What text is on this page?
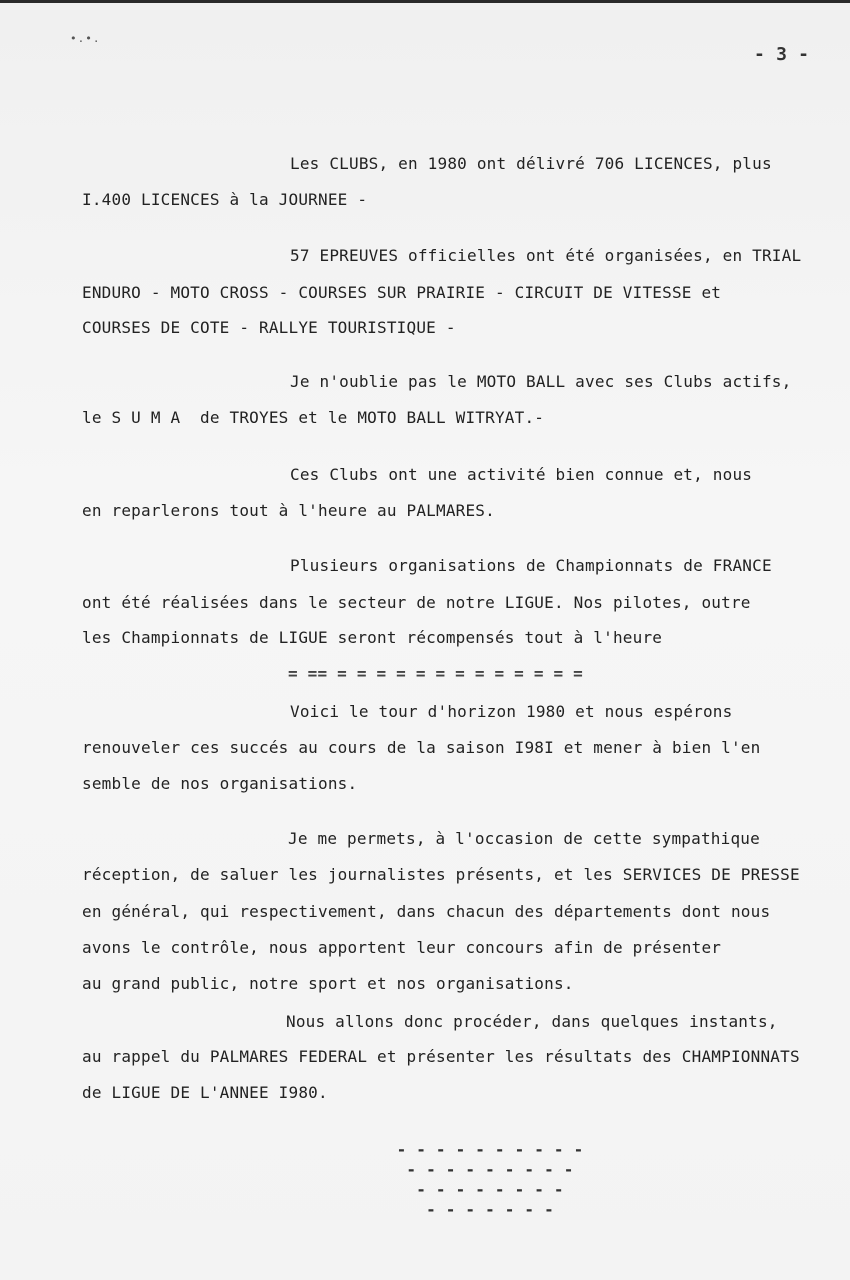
•.•.
- 3 -
Les CLUBS, en 1980 ont délivré 706 LICENCES, plus
I.400 LICENCES à la JOURNEE -
57 EPREUVES officielles ont été organisées, en TRIAL
ENDURO - MOTO CROSS - COURSES SUR PRAIRIE - CIRCUIT DE VITESSE et
COURSES DE COTE - RALLYE TOURISTIQUE -
Je n'oublie pas le MOTO BALL avec ses Clubs actifs,
le S U M A  de TROYES et le MOTO BALL WITRYAT.-
Ces Clubs ont une activité bien connue et, nous
en reparlerons tout à l'heure au PALMARES.
Plusieurs organisations de Championnats de FRANCE
ont été réalisées dans le secteur de notre LIGUE. Nos pilotes, outre
les Championnats de LIGUE seront récompensés tout à l'heure
= == = = = = = = = = = = = = =
Voici le tour d'horizon 1980 et nous espérons
renouveler ces succés au cours de la saison I98I et mener à bien l'en
semble de nos organisations.
Je me permets, à l'occasion de cette sympathique
réception, de saluer les journalistes présents, et les SERVICES DE PRESSE
en général, qui respectivement, dans chacun des départements dont nous
avons le contrôle, nous apportent leur concours afin de présenter
au grand public, notre sport et nos organisations.
Nous allons donc procéder, dans quelques instants,
au rappel du PALMARES FEDERAL et présenter les résultats des CHAMPIONNATS
de LIGUE DE L'ANNEE I980.
- - - - - - - - - -
- - - - - - - - -
- - - - - - - -
- - - - - - -
